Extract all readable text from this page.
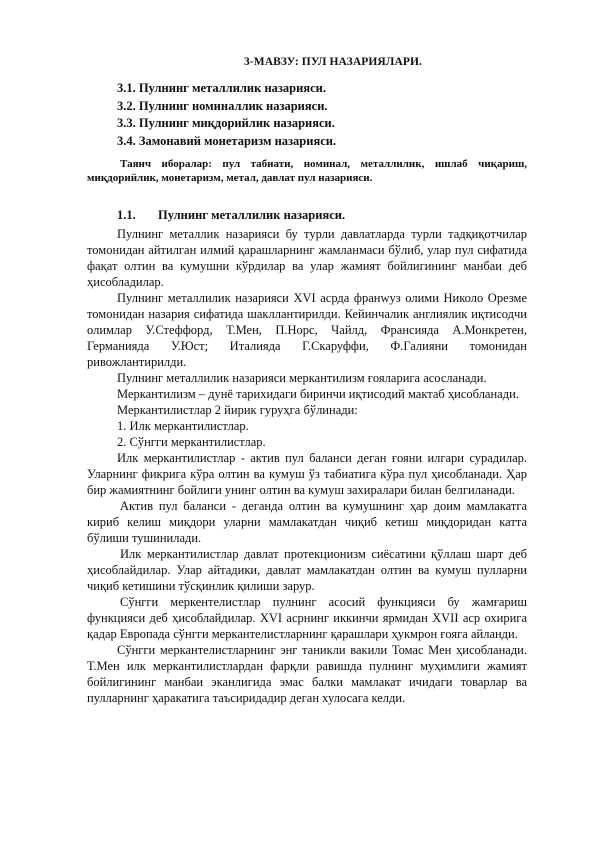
3-МАВЗУ: ПУЛ НАЗАРИЯЛАРИ.
3.1. Пулнинг металлилик назарияси.
3.2. Пулнинг номиналлик назарияси.
3.3. Пулнинг миқдорийлик назарияси.
3.4. Замонавий монетаризм назарияси.
Таянч иборалар: пул табиати, номинал, металлилик, ишлаб чиқариш, миқдорийлик, монетаризм, метал, давлат пул назарияси.
1.1. Пулнинг металлилик назарияси.

Пулнинг металлик назарияси бу турли давлатларда турли тадқиқотчилар томонидан айтилган илмий қарашларнинг жамланмаси бўлиб, улар пул сифатида фақат олтин ва кумушни кўрдилар ва улар жамият бойлигининг манбаи деб ҳисобладилар.

Пулнинг металлилик назарияси XVI асрда франwуз олими Николо Орезме томонидан назария сифатида шакллантирилди. Кейинчалик англиялик иқтисодчи олимлар У.Стеффорд, Т.Мен, П.Норс, Чайлд, Франсияда А.Монкретен, Германияда У.Юст; Италияда Г.Скаруффи, Ф.Галияни томонидан ривожлантирилди.

Пулнинг металлилик назарияси меркантилизм ғояларига асосланади.

Меркантилизм – дунё тарихидаги биринчи иқтисодий мактаб ҳисобланади.

Меркантилистлар 2 йирик гуруҳга бўлинади:

1. Илк меркантилистлар.

2. Сўнгги меркантилистлар.

Илк меркантилистлар - актив пул баланси деган ғояни илгари сурадилар. Уларнинг фикрига кўра олтин ва кумуш ўз табиатига кўра пул ҳисобланади. Ҳар бир жамиятнинг бойлиги унинг олтин ва кумуш захиралари билан белгиланади.

Актив пул баланси - деганда олтин ва кумушнинг ҳар доим мамлакатга кириб келиш миқдори уларни мамлакатдан чиқиб кетиш миқдоридан катта бўлиши тушинилади.

Илк меркантилистлар давлат протекционизм сиёсатини қўллаш шарт деб ҳисоблайдилар. Улар айтадики, давлат мамлакатдан олтин ва кумуш пулларни чиқиб кетишини тўсқинлик қилиши зарур.

Сўнгги меркентелистлар пулнинг асосий функцияси бу жамғариш функцияси деб ҳисоблайдилар. XVI асрнинг иккинчи ярмидан XVII аср охирига қадар Европада сўнгги меркантелистларнинг қарашлари ҳукмрон ғояга айланди.

Сўнгги меркантелистларнинг энг таникли вакили Томас Мен ҳисобланади. Т.Мен илк меркантилистлардан фарқли равишда пулнинг муҳимлиги жамият бойлигининг манбаи эканлигида эмас балки мамлакат ичидаги товарлар ва пулларнинг ҳаракатига таъсиридадир деган хулосага келди.
